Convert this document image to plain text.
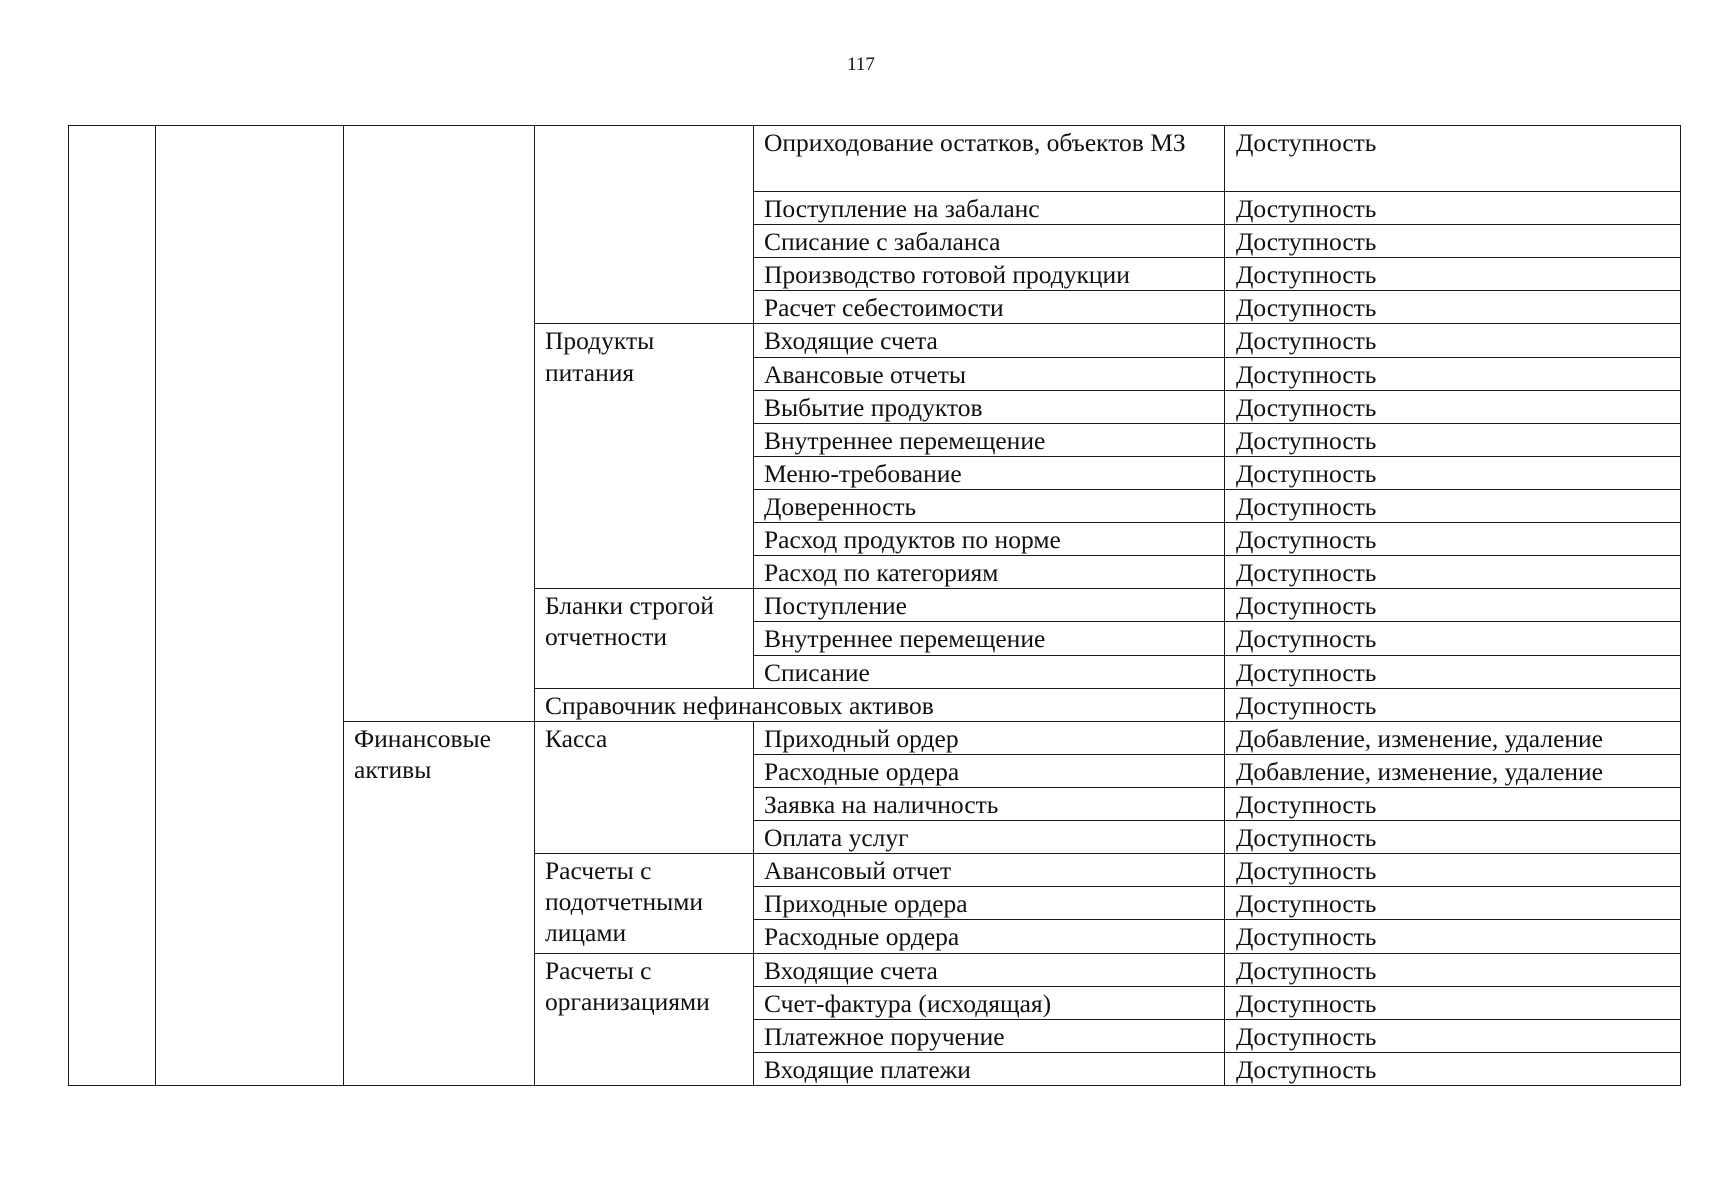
117
				Оприходование остатков, объектов МЗ	Доступность
				Поступление на забаланс	Доступность
				Списание с забаланса	Доступность
				Производство готовой продукции	Доступность
				Расчет себестоимости	Доступность
			Продукты питания	Входящие счета	Доступность
				Авансовые отчеты	Доступность
				Выбытие продуктов	Доступность
				Внутреннее перемещение	Доступность
				Меню-требование	Доступность
				Доверенность	Доступность
				Расход продуктов по норме	Доступность
				Расход по категориям	Доступность
			Бланки строгой отчетности	Поступление	Доступность
				Внутреннее перемещение	Доступность
				Списание	Доступность
			Справочник нефинансовых активов		Доступность
		Финансовые активы	Касса	Приходный ордер	Добавление, изменение, удаление
				Расходные ордера	Добавление, изменение, удаление
				Заявка на наличность	Доступность
				Оплата услуг	Доступность
			Расчеты с подотчетными лицами	Авансовый отчет	Доступность
				Приходные ордера	Доступность
				Расходные ордера	Доступность
			Расчеты с организациями	Входящие счета	Доступность
				Счет-фактура (исходящая)	Доступность
				Платежное поручение	Доступность
				Входящие платежи	Доступность
